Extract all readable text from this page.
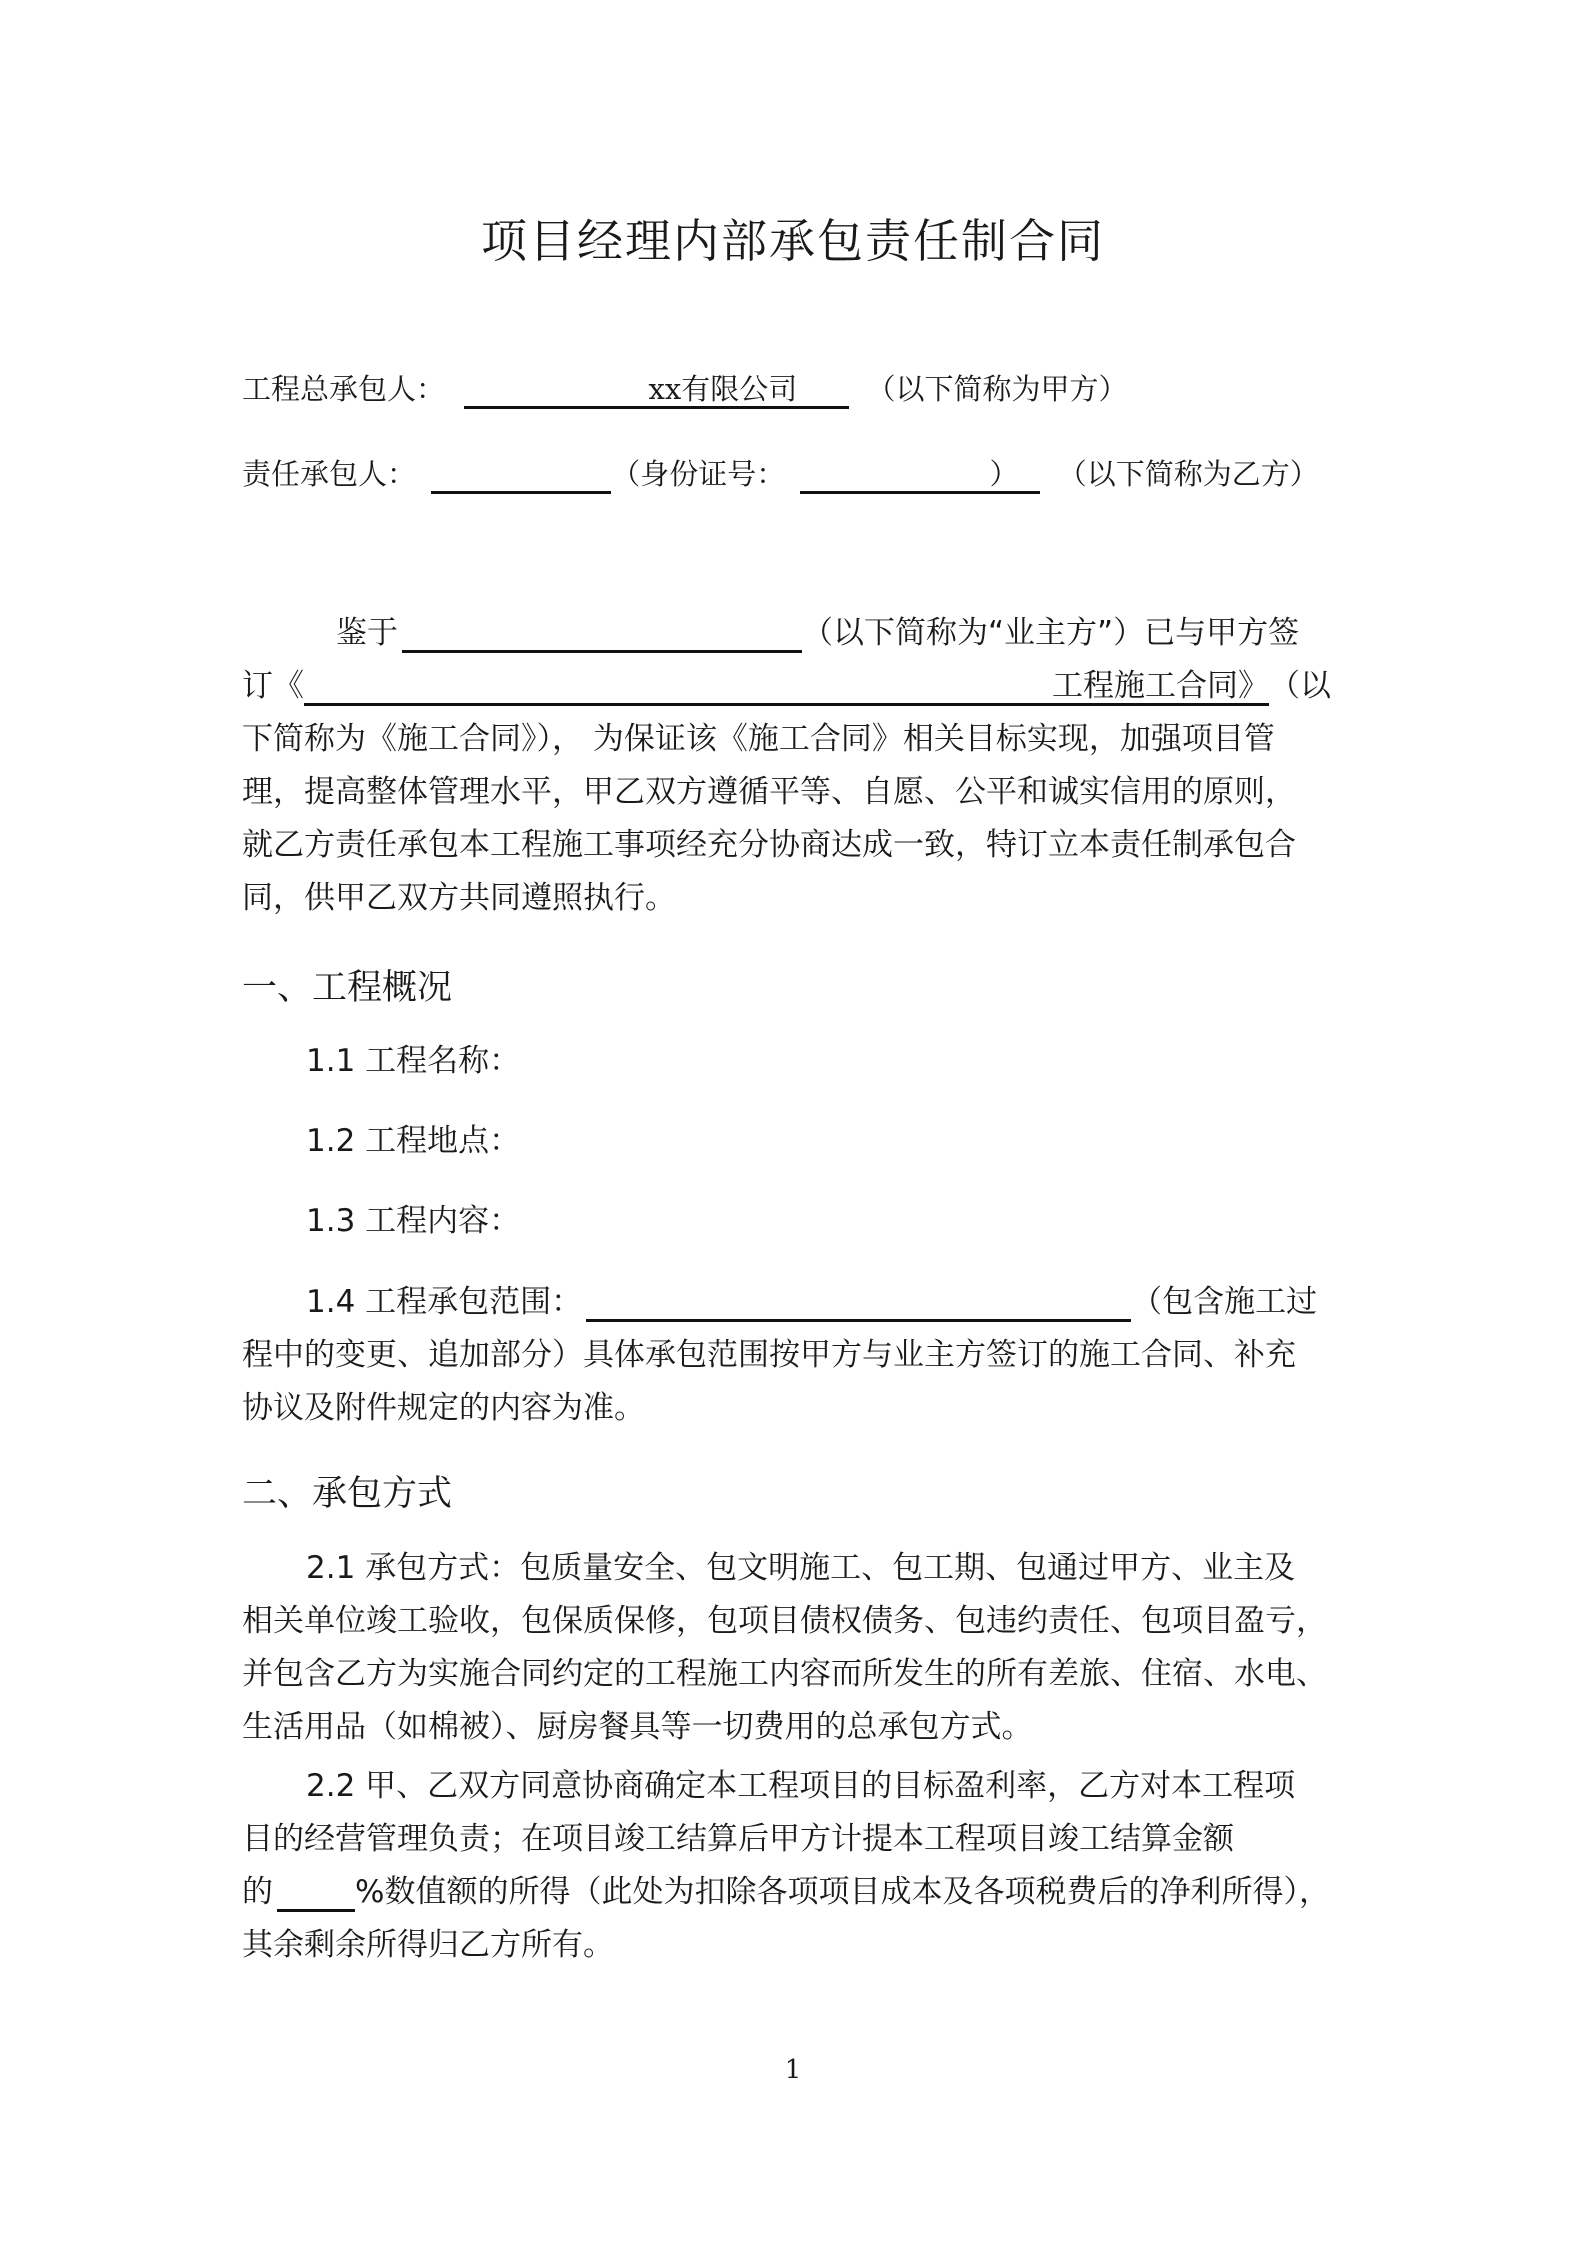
项目经理内部承包责任制合同
工程总承包人：	xx有限公司 （以下简称为甲方）
责任承包人：	（身份证号：	） （以下简称为乙方）
鉴于	（以下简称为“业主方”）已与甲方签
订《	工程施工合同》（以
下简称为《施工合同》）， 为保证该《施工合同》相关目标实现，加强项目管
理，提高整体管理水平，甲乙双方遵循平等、自愿、公平和诚实信用的原则，
就乙方责任承包本工程施工事项经充分协商达成一致，特订立本责任制承包合
同，供甲乙双方共同遵照执行。
一、工程概况
1.1 工程名称：
1.2 工程地点：
1.3 工程内容：
1.4 工程承包范围：	（包含施工过
程中的变更、追加部分）具体承包范围按甲方与业主方签订的施工合同、补充
协议及附件规定的内容为准。
二、承包方式
2.1 承包方式：包质量安全、包文明施工、包工期、包通过甲方、业主及
相关单位竣工验收，包保质保修，包项目债权债务、包违约责任、包项目盈亏，
并包含乙方为实施合同约定的工程施工内容而所发生的所有差旅、住宿、水电、
生活用品（如棉被）、厨房餐具等一切费用的总承包方式。
2.2 甲、乙双方同意协商确定本工程项目的目标盈利率，乙方对本工程项
目的经营管理负责；在项目竣工结算后甲方计提本工程项目竣工结算金额
的	%数值额的所得（此处为扣除各项项目成本及各项税费后的净利所得），
其余剩余所得归乙方所有。
1
